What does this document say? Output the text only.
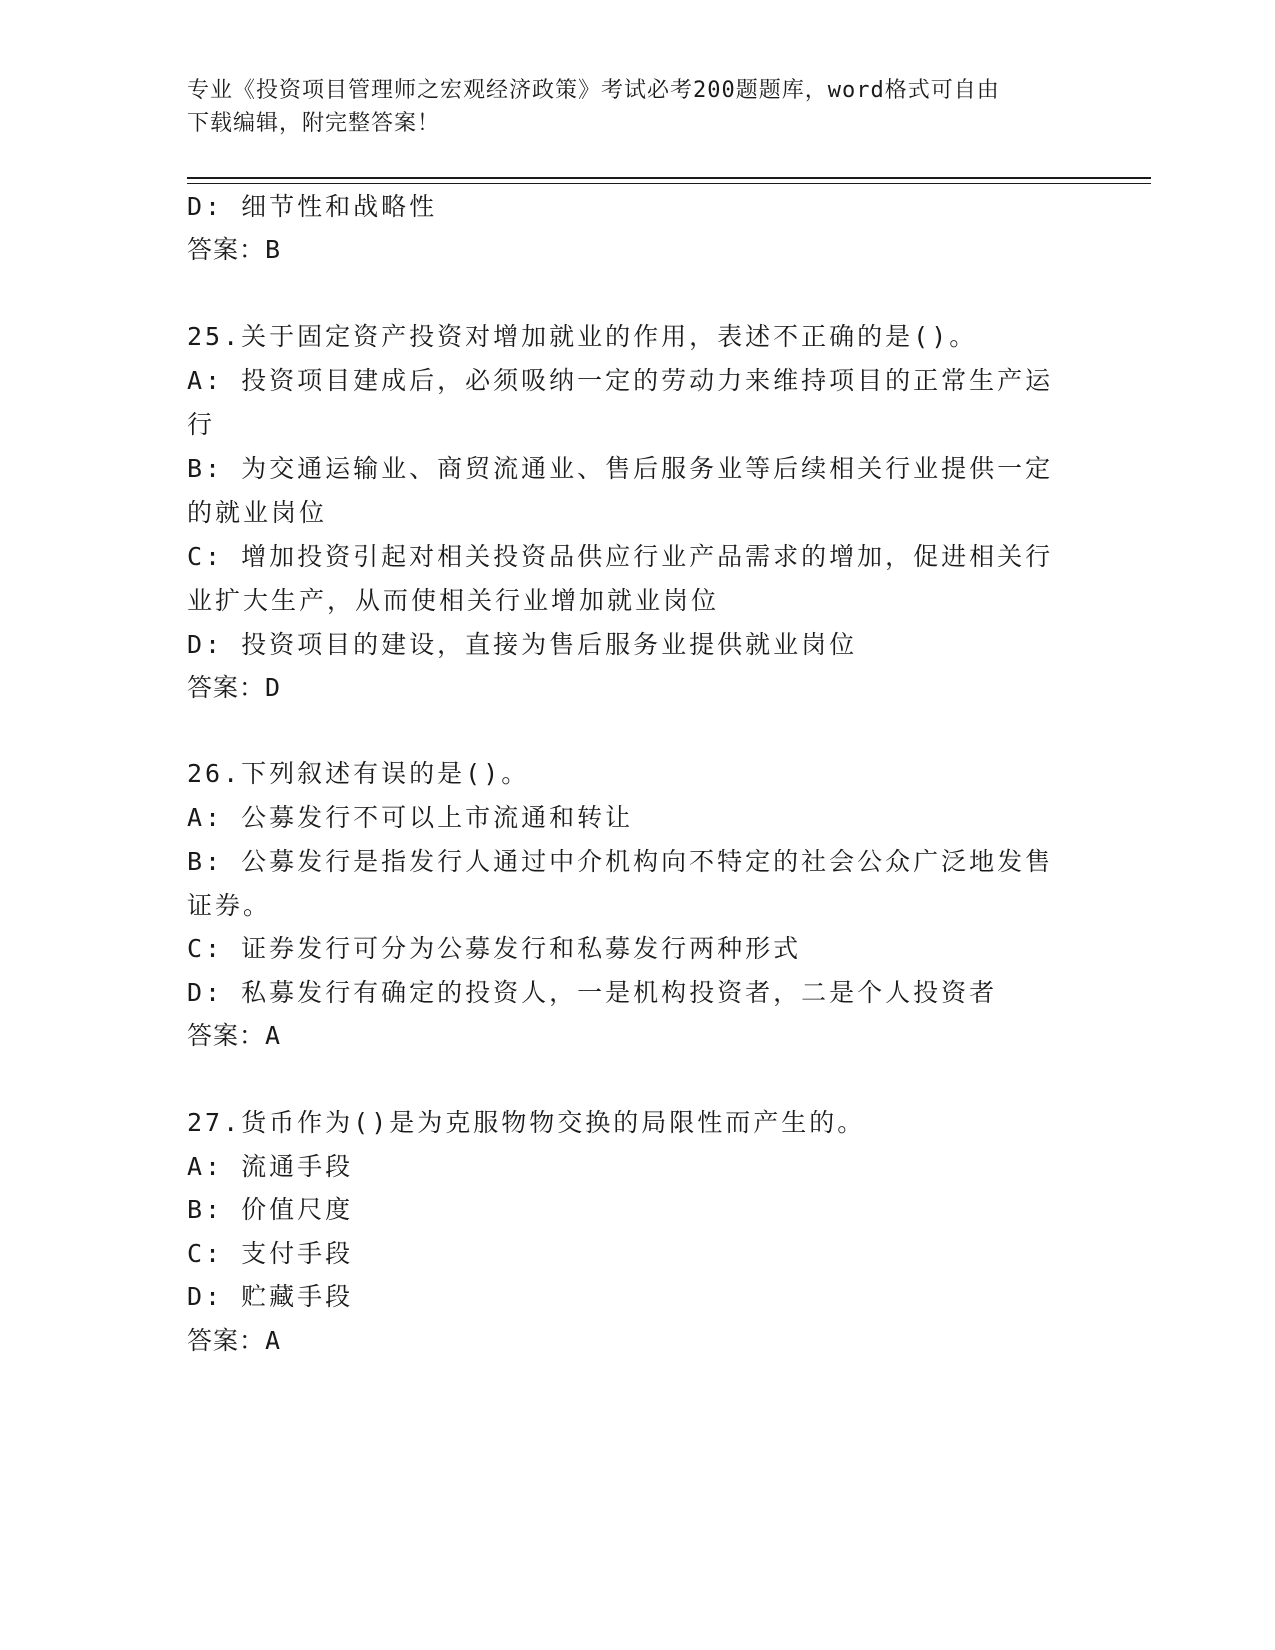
专业《投资项目管理师之宏观经济政策》考试必考200题题库，word格式可自由
下载编辑，附完整答案！
D: 细节性和战略性
答案：B
25.关于固定资产投资对增加就业的作用，表述不正确的是()。
A: 投资项目建成后，必须吸纳一定的劳动力来维持项目的正常生产运
行
B: 为交通运输业、商贸流通业、售后服务业等后续相关行业提供一定
的就业岗位
C: 增加投资引起对相关投资品供应行业产品需求的增加，促进相关行
业扩大生产，从而使相关行业增加就业岗位
D: 投资项目的建设，直接为售后服务业提供就业岗位
答案：D
26.下列叙述有误的是()。
A: 公募发行不可以上市流通和转让
B: 公募发行是指发行人通过中介机构向不特定的社会公众广泛地发售
证券。
C: 证券发行可分为公募发行和私募发行两种形式
D: 私募发行有确定的投资人，一是机构投资者，二是个人投资者
答案：A
27.货币作为()是为克服物物交换的局限性而产生的。
A: 流通手段
B: 价值尺度
C: 支付手段
D: 贮藏手段
答案：A
